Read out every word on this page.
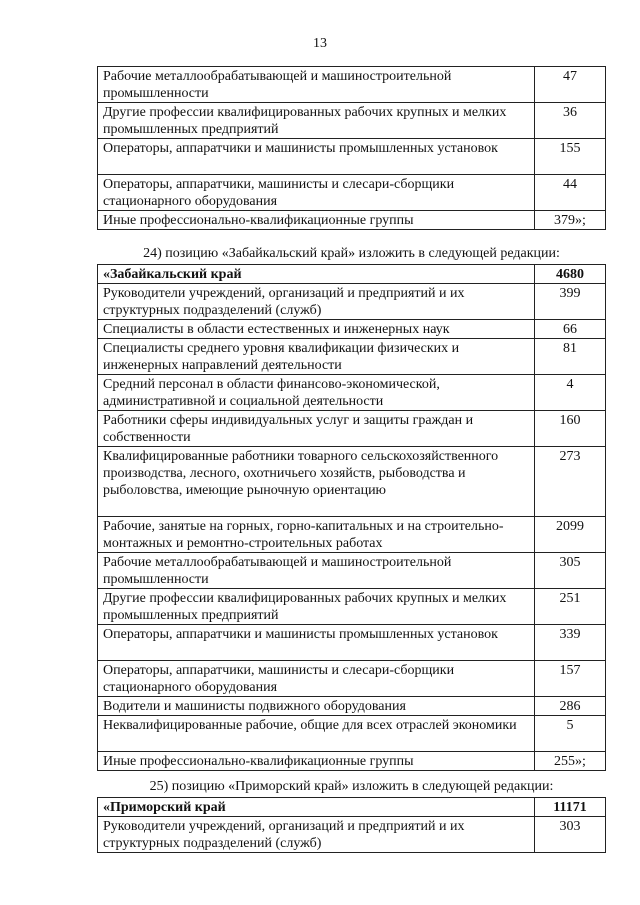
13
Рабочие металлообрабатывающей и машиностроительной промышленности	47
Другие профессии квалифицированных рабочих крупных и мелких промышленных предприятий	36
Операторы, аппаратчики и машинисты промышленных установок	155
Операторы, аппаратчики, машинисты и слесари-сборщики стационарного оборудования	44
Иные профессионально-квалификационные группы	379»;
24) позицию «Забайкальский край» изложить в следующей редакции:
«Забайкальский край	4680
Руководители учреждений, организаций и предприятий и их структурных подразделений (служб)	399
Специалисты в области естественных и инженерных наук	66
Специалисты среднего уровня квалификации физических и инженерных направлений деятельности	81
Средний персонал в области финансово-экономической, административной и социальной деятельности	4
Работники сферы индивидуальных услуг и защиты граждан и собственности	160
Квалифицированные работники товарного сельскохозяйственного производства, лесного, охотничьего хозяйств, рыбоводства и рыболовства, имеющие рыночную ориентацию	273
Рабочие, занятые на горных, горно-капитальных и на строительно-монтажных и ремонтно-строительных работах	2099
Рабочие металлообрабатывающей и машиностроительной промышленности	305
Другие профессии квалифицированных рабочих крупных и мелких промышленных предприятий	251
Операторы, аппаратчики и машинисты промышленных установок	339
Операторы, аппаратчики, машинисты и слесари-сборщики стационарного оборудования	157
Водители и машинисты подвижного оборудования	286
Неквалифицированные рабочие, общие для всех отраслей экономики	5
Иные профессионально-квалификационные группы	255»;
25) позицию «Приморский край» изложить в следующей редакции:
«Приморский край	11171
Руководители учреждений, организаций и предприятий и их структурных подразделений (служб)	303
